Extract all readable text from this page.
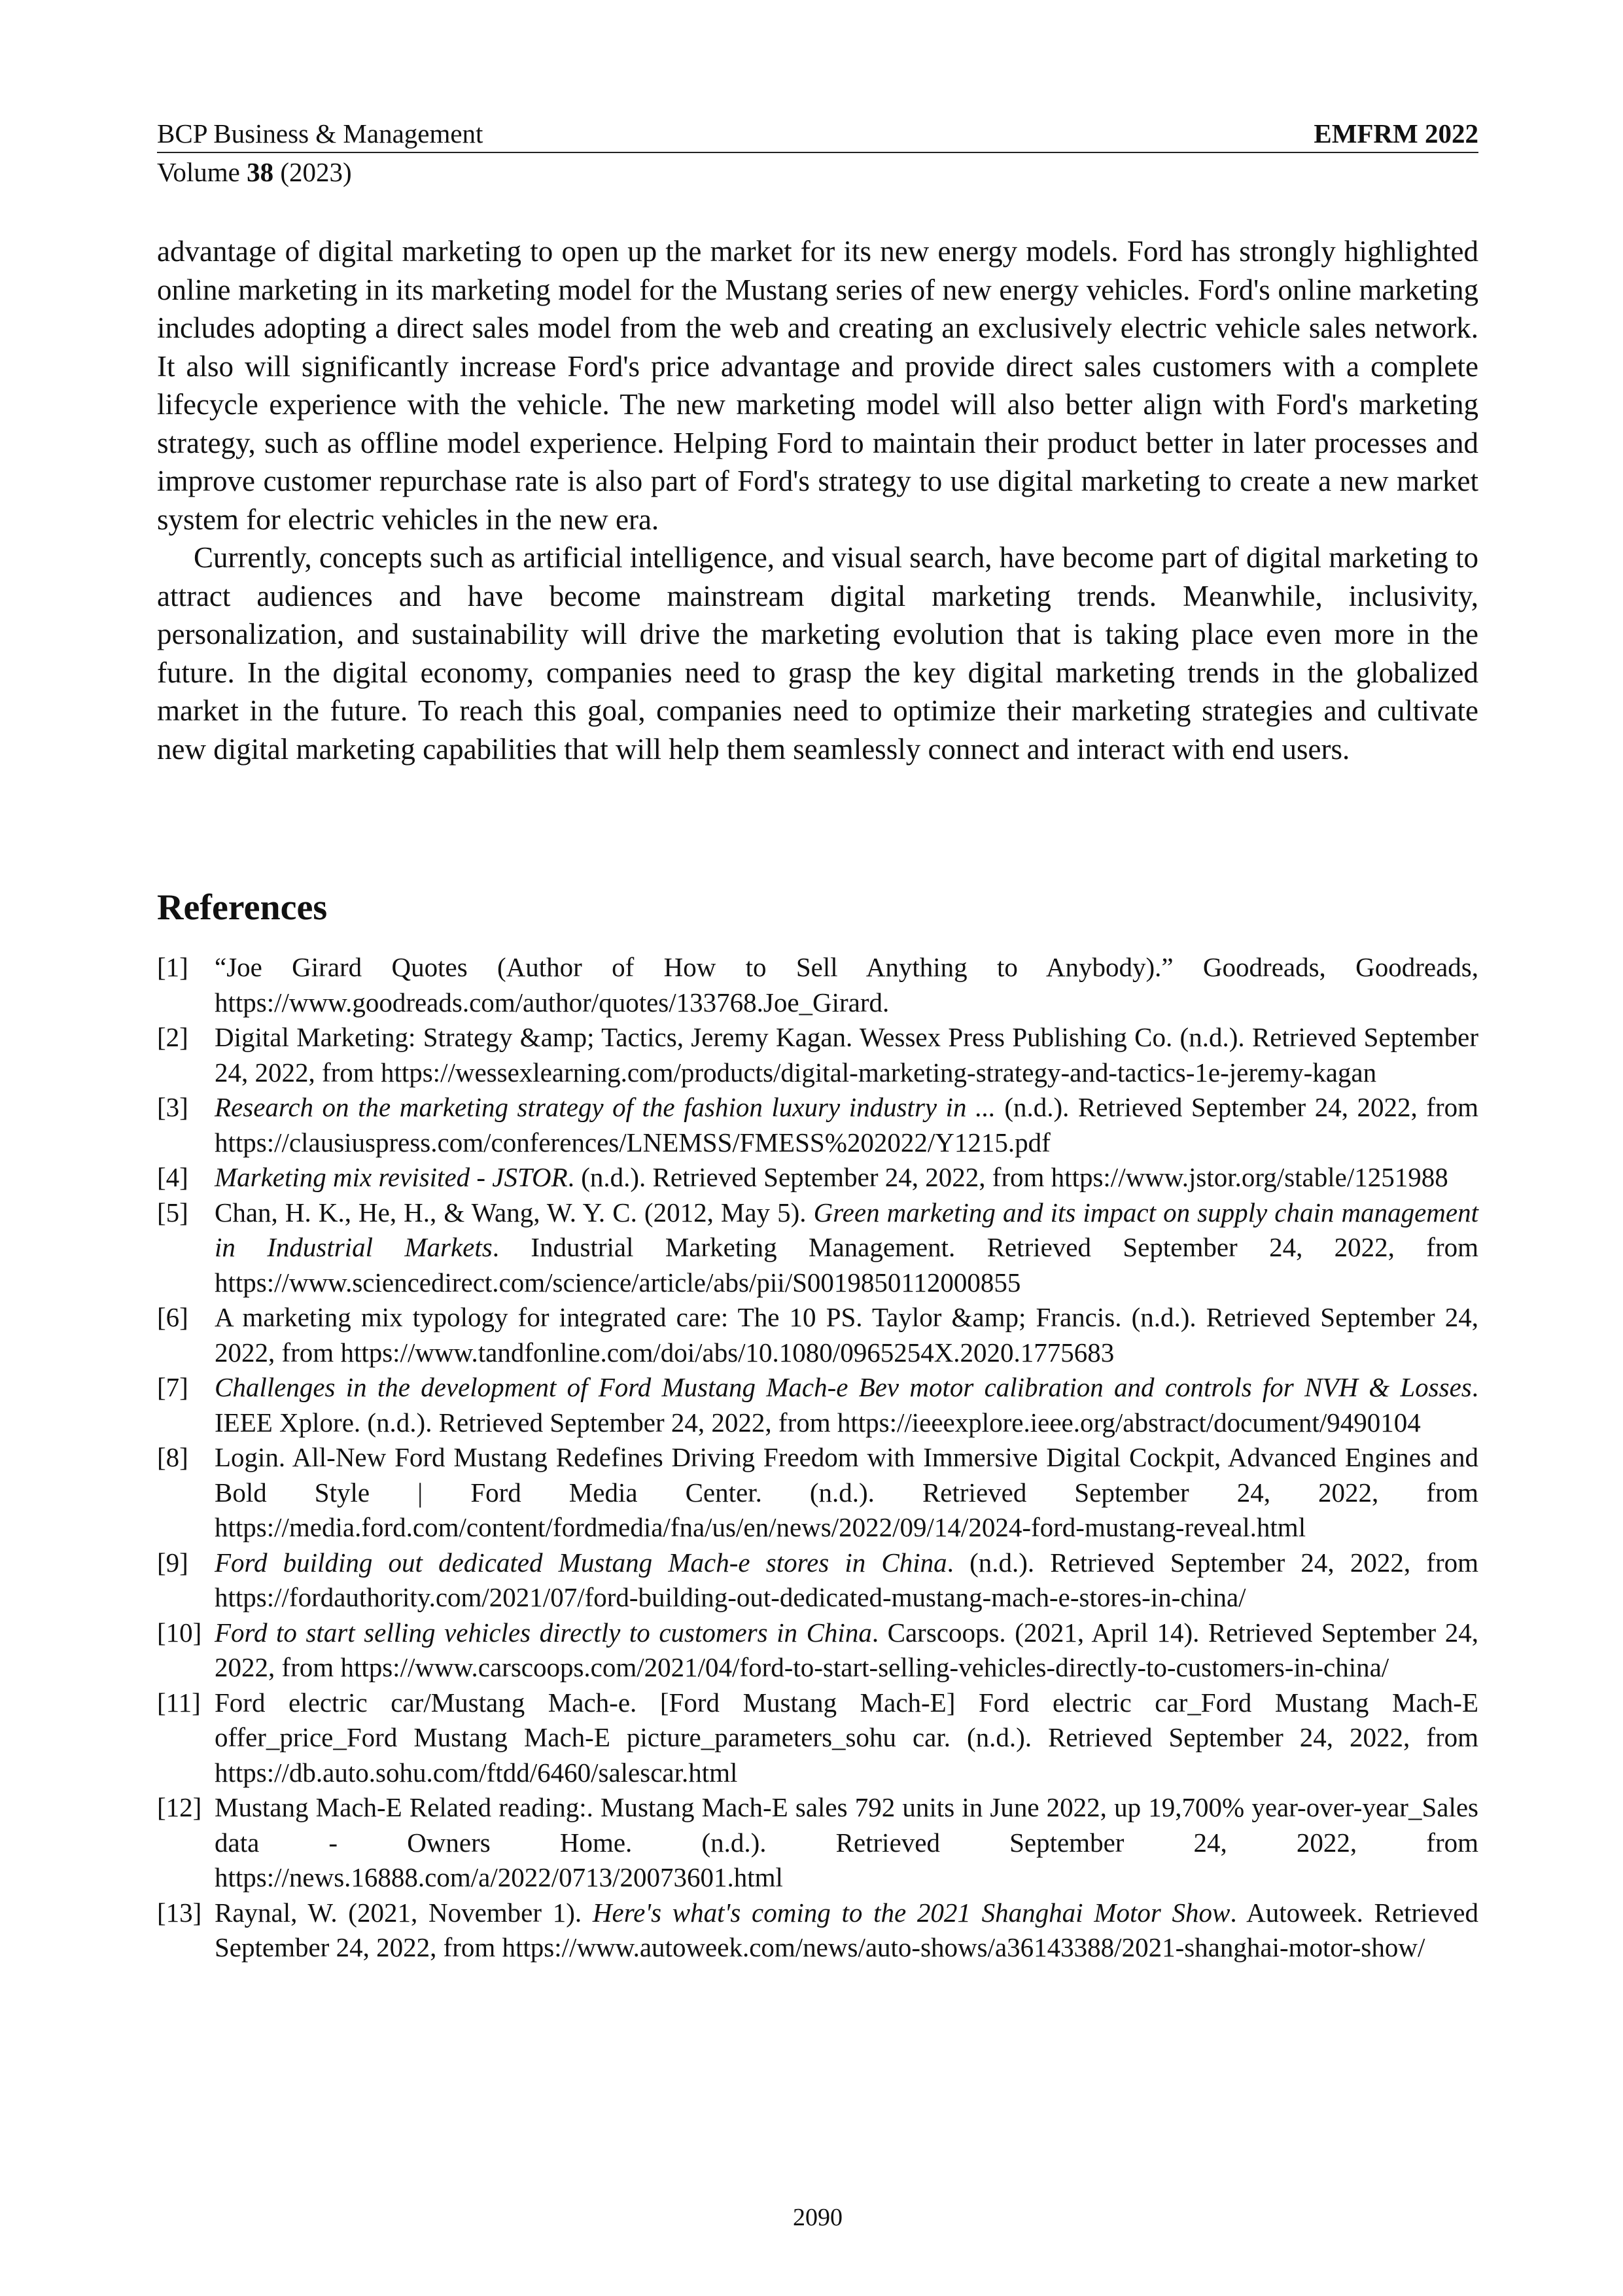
BCP Business & Management	EMFRM 2022
Volume 38 (2023)

advantage of digital marketing to open up the market for its new energy models. Ford has strongly highlighted online marketing in its marketing model for the Mustang series of new energy vehicles. Ford's online marketing includes adopting a direct sales model from the web and creating an exclusively electric vehicle sales network. It also will significantly increase Ford's price advantage and provide direct sales customers with a complete lifecycle experience with the vehicle. The new marketing model will also better align with Ford's marketing strategy, such as offline model experience. Helping Ford to maintain their product better in later processes and improve customer repurchase rate is also part of Ford's strategy to use digital marketing to create a new market system for electric vehicles in the new era.

Currently, concepts such as artificial intelligence, and visual search, have become part of digital marketing to attract audiences and have become mainstream digital marketing trends. Meanwhile, inclusivity, personalization, and sustainability will drive the marketing evolution that is taking place even more in the future. In the digital economy, companies need to grasp the key digital marketing trends in the globalized market in the future. To reach this goal, companies need to optimize their marketing strategies and cultivate new digital marketing capabilities that will help them seamlessly connect and interact with end users.

References
[1] “Joe Girard Quotes (Author of How to Sell Anything to Anybody).” Goodreads, Goodreads, https://www.goodreads.com/author/quotes/133768.Joe_Girard.
[2] Digital Marketing: Strategy &amp; Tactics, Jeremy Kagan. Wessex Press Publishing Co. (n.d.). Retrieved September 24, 2022, from https://wessexlearning.com/products/digital-marketing-strategy-and-tactics-1e-jeremy-kagan
[3] Research on the marketing strategy of the fashion luxury industry in ... (n.d.). Retrieved September 24, 2022, from https://clausiuspress.com/conferences/LNEMSS/FMESS%202022/Y1215.pdf
[4] Marketing mix revisited - JSTOR. (n.d.). Retrieved September 24, 2022, from https://www.jstor.org/stable/1251988
[5] Chan, H. K., He, H., & Wang, W. Y. C. (2012, May 5). Green marketing and its impact on supply chain management in Industrial Markets. Industrial Marketing Management. Retrieved September 24, 2022, from https://www.sciencedirect.com/science/article/abs/pii/S0019850112000855
[6] A marketing mix typology for integrated care: The 10 PS. Taylor &amp; Francis. (n.d.). Retrieved September 24, 2022, from https://www.tandfonline.com/doi/abs/10.1080/0965254X.2020.1775683
[7] Challenges in the development of Ford Mustang Mach-e Bev motor calibration and controls for NVH & Losses. IEEE Xplore. (n.d.). Retrieved September 24, 2022, from https://ieeexplore.ieee.org/abstract/document/9490104
[8] Login. All-New Ford Mustang Redefines Driving Freedom with Immersive Digital Cockpit, Advanced Engines and Bold Style | Ford Media Center. (n.d.). Retrieved September 24, 2022, from https://media.ford.com/content/fordmedia/fna/us/en/news/2022/09/14/2024-ford-mustang-reveal.html
[9] Ford building out dedicated Mustang Mach-e stores in China. (n.d.). Retrieved September 24, 2022, from https://fordauthority.com/2021/07/ford-building-out-dedicated-mustang-mach-e-stores-in-china/
[10] Ford to start selling vehicles directly to customers in China. Carscoops. (2021, April 14). Retrieved September 24, 2022, from https://www.carscoops.com/2021/04/ford-to-start-selling-vehicles-directly-to-customers-in-china/
[11] Ford electric car/Mustang Mach-e. [Ford Mustang Mach-E] Ford electric car_Ford Mustang Mach-E offer_price_Ford Mustang Mach-E picture_parameters_sohu car. (n.d.). Retrieved September 24, 2022, from https://db.auto.sohu.com/ftdd/6460/salescar.html
[12] Mustang Mach-E Related reading:. Mustang Mach-E sales 792 units in June 2022, up 19,700% year-over-year_Sales data - Owners Home. (n.d.). Retrieved September 24, 2022, from https://news.16888.com/a/2022/0713/20073601.html
[13] Raynal, W. (2021, November 1). Here's what's coming to the 2021 Shanghai Motor Show. Autoweek. Retrieved September 24, 2022, from https://www.autoweek.com/news/auto-shows/a36143388/2021-shanghai-motor-show/
2090
